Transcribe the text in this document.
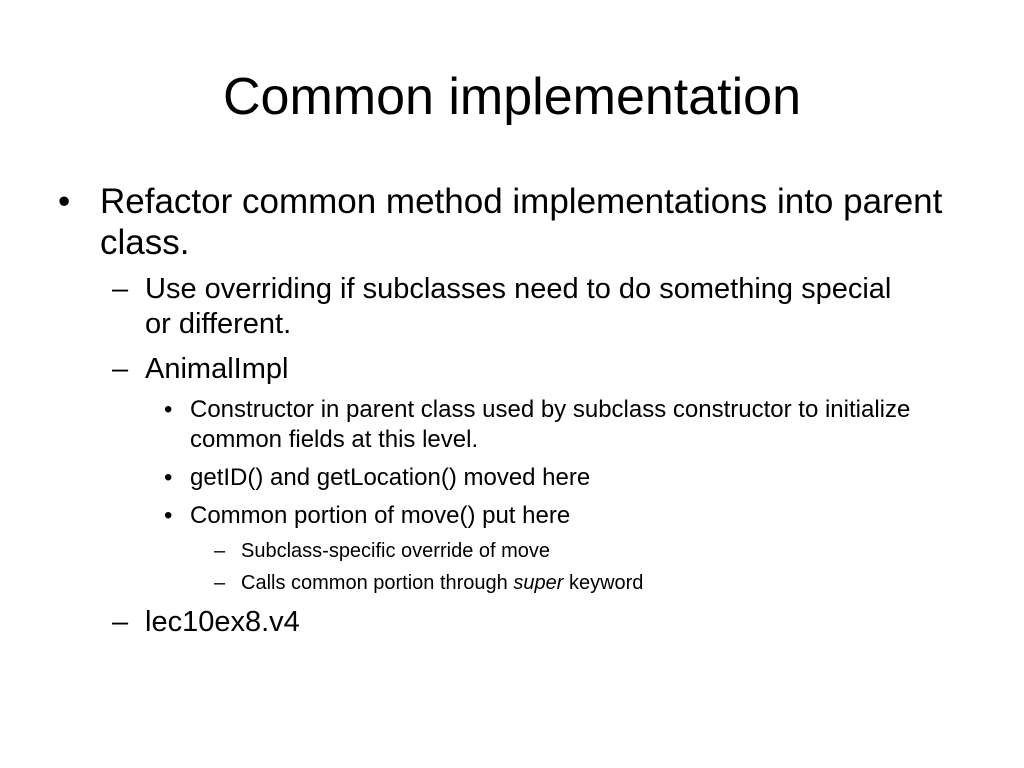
Common implementation
• Refactor common method implementations into parent class.
– Use overriding if subclasses need to do something special or different.
– AnimalImpl
• Constructor in parent class used by subclass constructor to initialize common fields at this level.
• getID() and getLocation() moved here
• Common portion of move() put here
– Subclass-specific override of move
– Calls common portion through super keyword
– lec10ex8.v4
